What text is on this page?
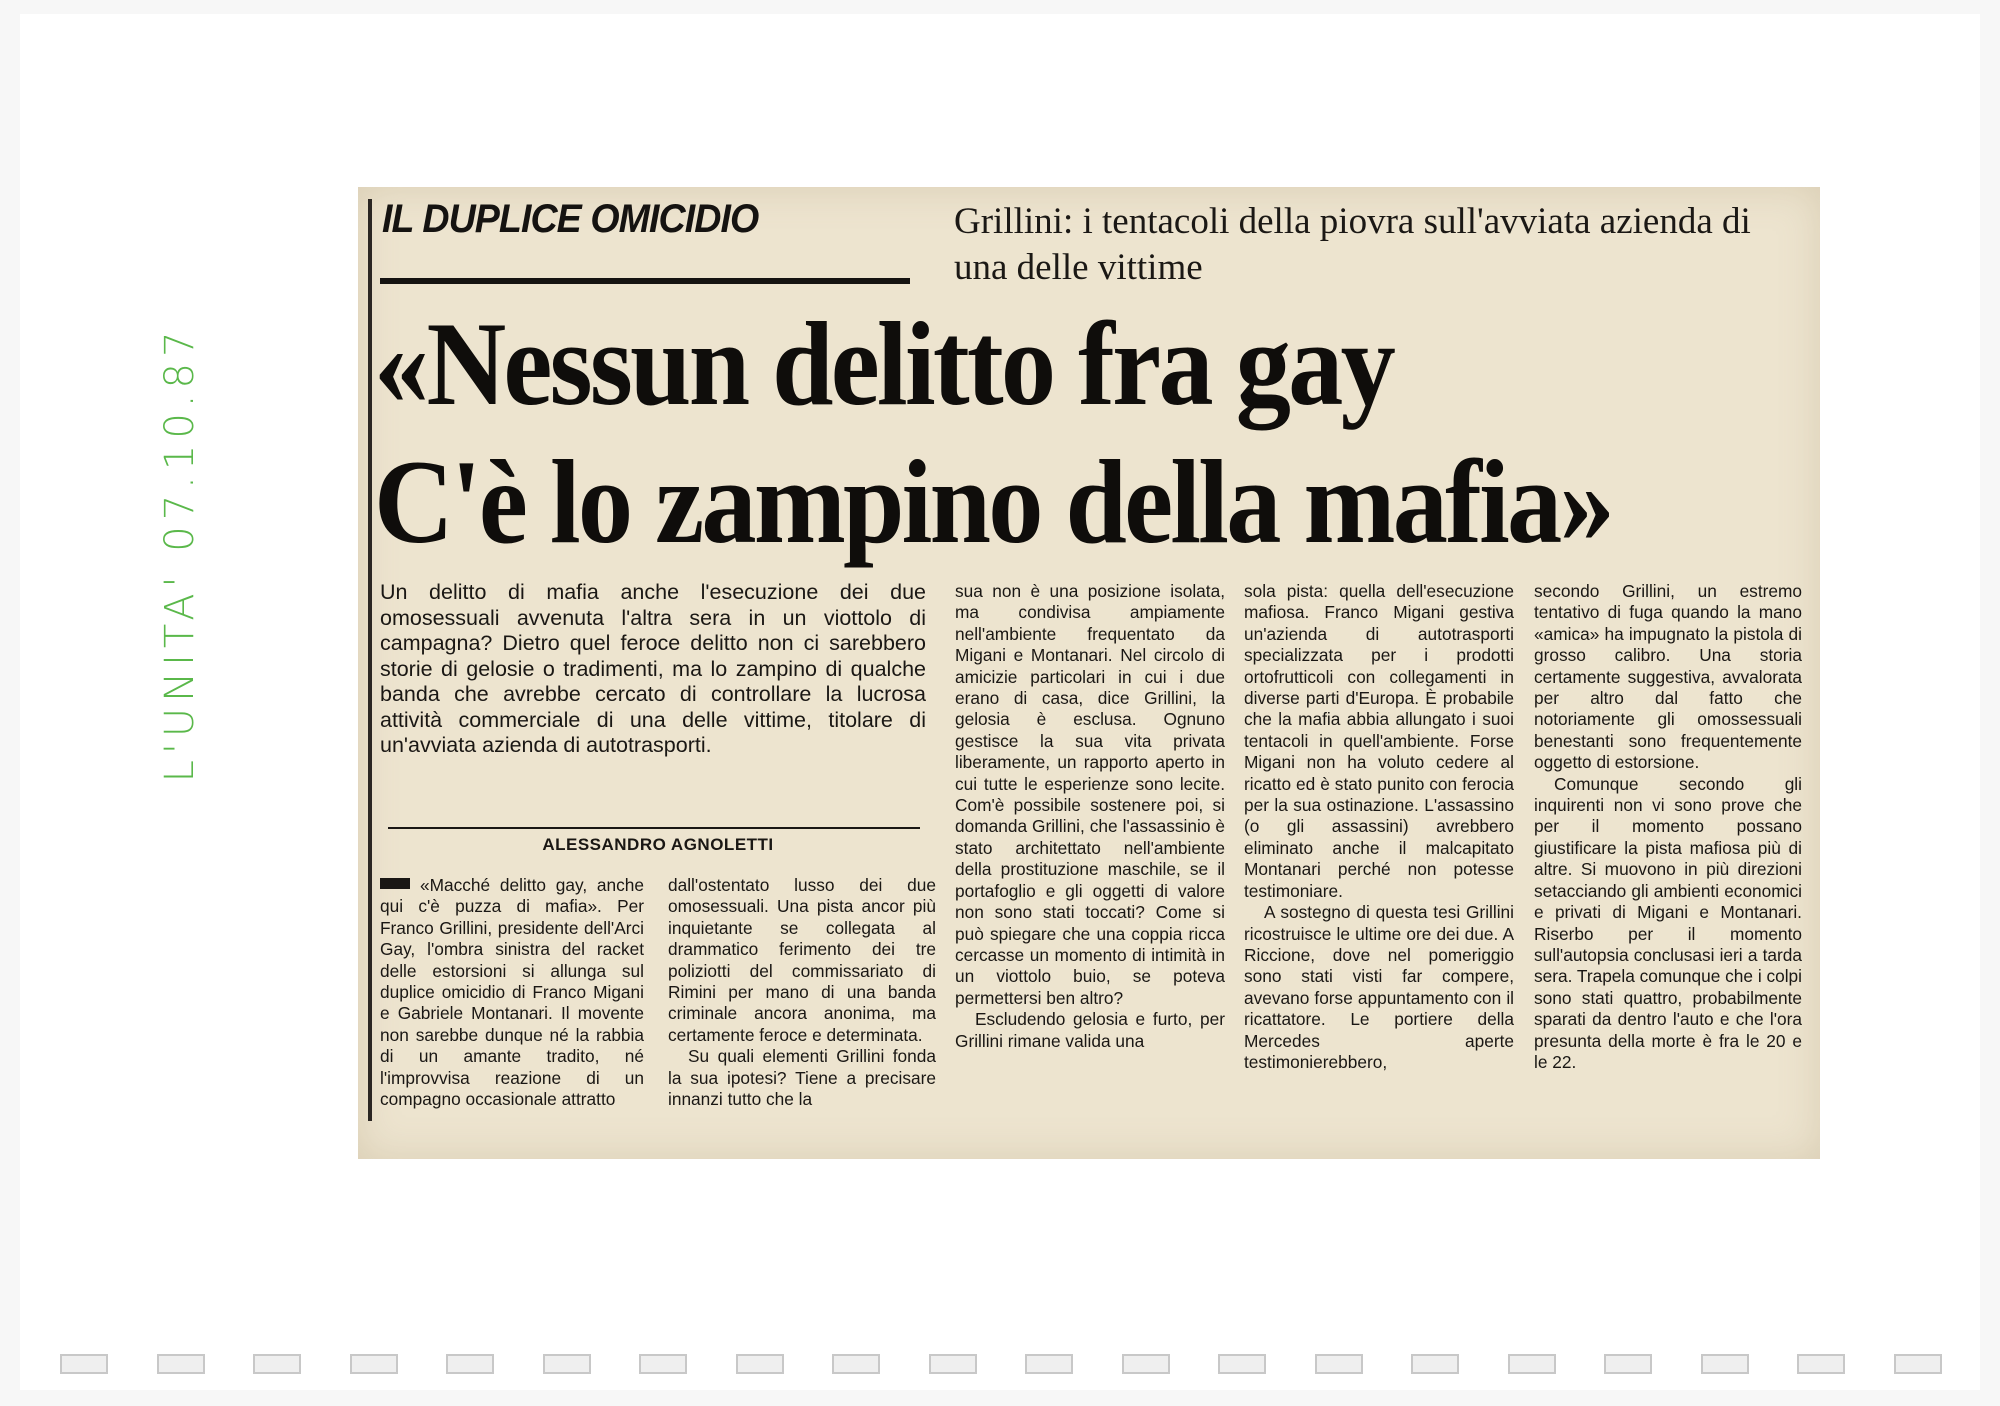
L'UNITA' 07.10.87
IL DUPLICE OMICIDIO	Grillini: i tentacoli della piovra sull'avviata azienda di una delle vittime
«Nessun delitto fra gay
C'è lo zampino della mafia»
Un delitto di mafia anche l'esecuzione dei due omosessuali avvenuta l'altra sera in un viottolo di campagna? Dietro quel feroce delitto non ci sarebbero storie di gelosie o tradimenti, ma lo zampino di qualche banda che avrebbe cercato di controllare la lucrosa attività commerciale di una delle vittime, titolare di un'avviata azienda di autotrasporti.
ALESSANDRO AGNOLETTI

«Macché delitto gay, anche qui c'è puzza di mafia». Per Franco Grillini, presidente dell'Arci Gay, l'ombra sinistra del racket delle estorsioni si allunga sul duplice omicidio di Franco Migani e Gabriele Montanari. Il movente non sarebbe dunque né la rabbia di un amante tradito, né l'improvvisa reazione di un compagno occasionale attratto

dall'ostentato lusso dei due omosessuali. Una pista ancor più inquietante se collegata al drammatico ferimento dei tre poliziotti del commissariato di Rimini per mano di una banda criminale ancora anonima, ma certamente feroce e determinata.

Su quali elementi Grillini fonda la sua ipotesi? Tiene a precisare innanzi tutto che la

sua non è una posizione isolata, ma condivisa ampiamente nell'ambiente frequentato da Migani e Montanari. Nel circolo di amicizie particolari in cui i due erano di casa, dice Grillini, la gelosia è esclusa. Ognuno gestisce la sua vita privata liberamente, un rapporto aperto in cui tutte le esperienze sono lecite. Com'è possibile sostenere poi, si domanda Grillini, che l'assassinio è stato architettato nell'ambiente della prostituzione maschile, se il portafoglio e gli oggetti di valore non sono stati toccati? Come si può spiegare che una coppia ricca cercasse un momento di intimità in un viottolo buio, se poteva permettersi ben altro?

Escludendo gelosia e furto, per Grillini rimane valida una

sola pista: quella dell'esecuzione mafiosa. Franco Migani gestiva un'azienda di autotrasporti specializzata per i prodotti ortofrutticoli con collegamenti in diverse parti d'Europa. È probabile che la mafia abbia allungato i suoi tentacoli in quell'ambiente. Forse Migani non ha voluto cedere al ricatto ed è stato punito con ferocia per la sua ostinazione. L'assassino (o gli assassini) avrebbero eliminato anche il malcapitato Montanari perché non potesse testimoniare.

A sostegno di questa tesi Grillini ricostruisce le ultime ore dei due. A Riccione, dove nel pomeriggio sono stati visti far compere, avevano forse appuntamento con il ricattatore. Le portiere della Mercedes aperte testimonierebbero,

secondo Grillini, un estremo tentativo di fuga quando la mano «amica» ha impugnato la pistola di grosso calibro. Una storia certamente suggestiva, avvalorata per altro dal fatto che notoriamente gli omossessuali benestanti sono frequentemente oggetto di estorsione.

Comunque secondo gli inquirenti non vi sono prove che per il momento possano giustificare la pista mafiosa più di altre. Si muovono in più direzioni setacciando gli ambienti economici e privati di Migani e Montanari. Riserbo per il momento sull'autopsia conclusasi ieri a tarda sera. Trapela comunque che i colpi sono stati quattro, probabilmente sparati da dentro l'auto e che l'ora presunta della morte è fra le 20 e le 22.
